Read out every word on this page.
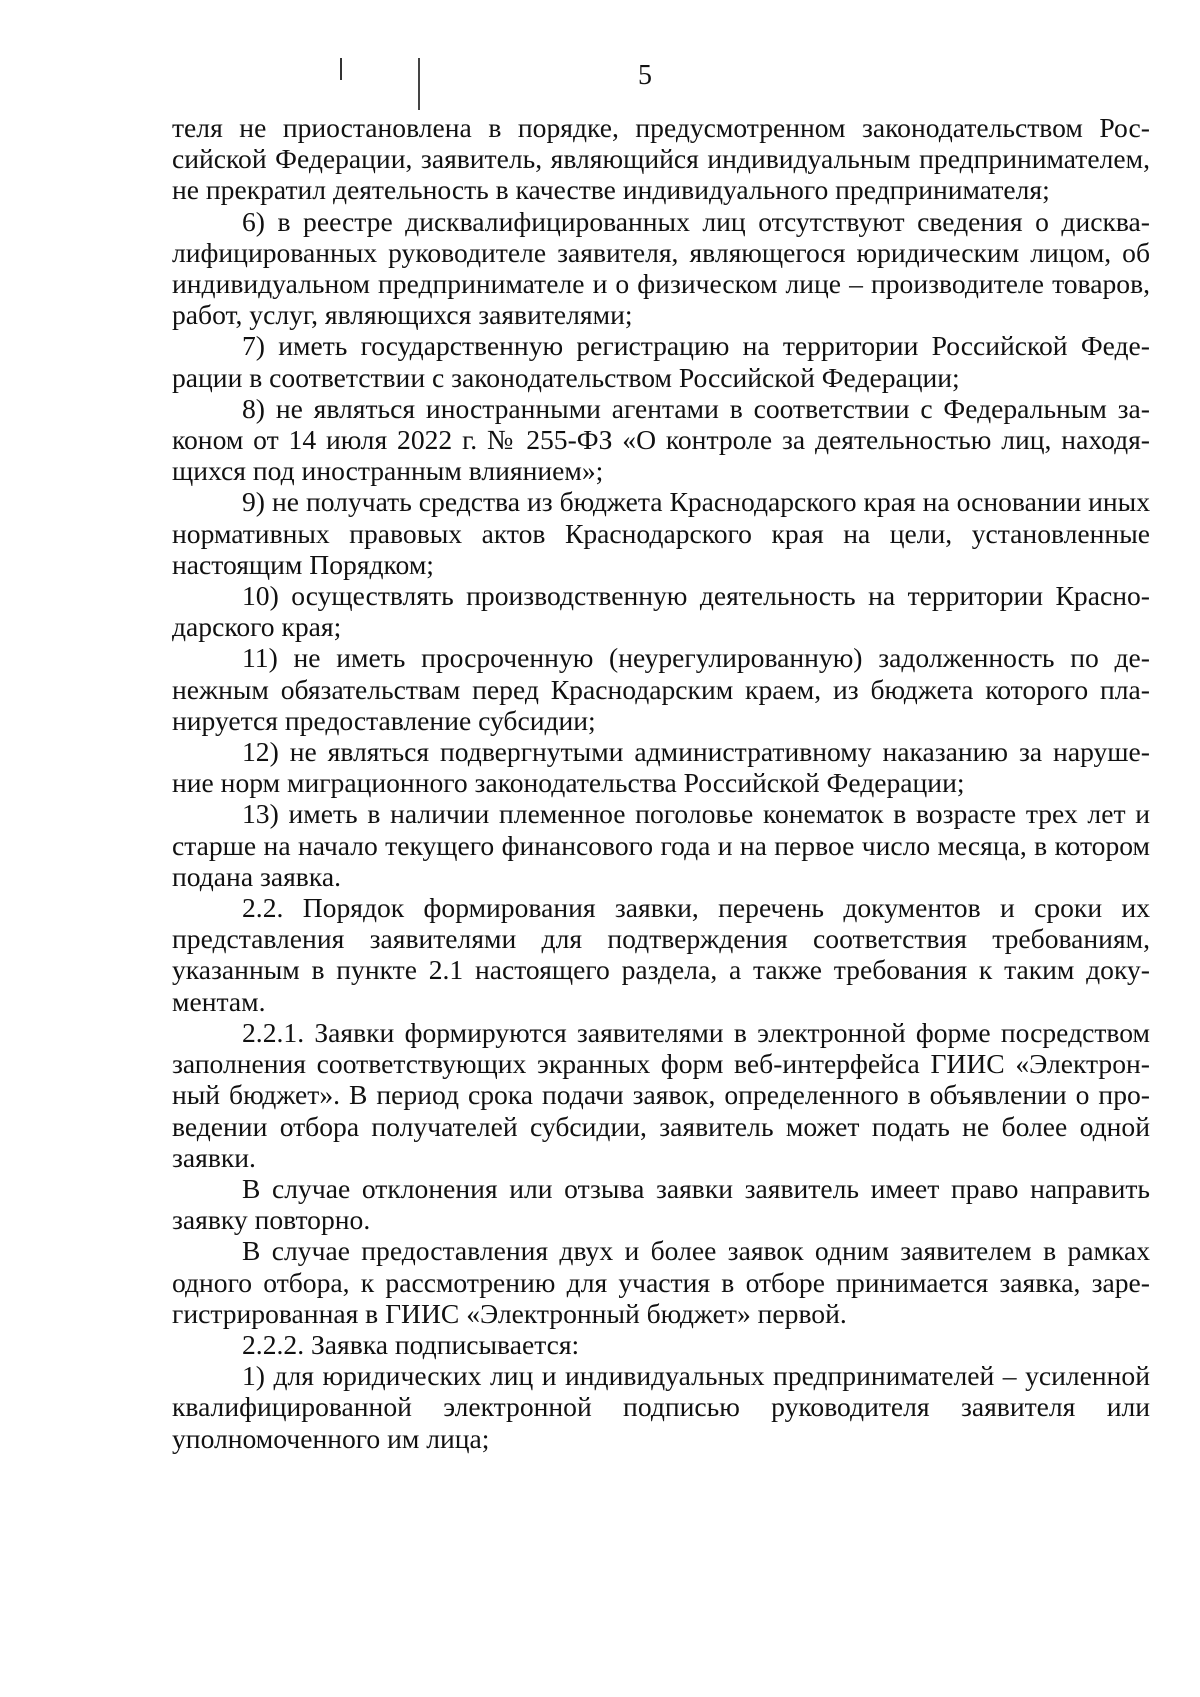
5

теля не приостановлена в порядке, предусмотренном законодательством Российской Федерации, заявитель, являющийся индивидуальным предпринимателем, не прекратил деятельность в качестве индивидуального предпринимателя;

6) в реестре дисквалифицированных лиц отсутствуют сведения о дисквалифицированных руководителе заявителя, являющегося юридическим лицом, об индивидуальном предпринимателе и о физическом лице – производителе товаров, работ, услуг, являющихся заявителями;

7) иметь государственную регистрацию на территории Российской Федерации в соответствии с законодательством Российской Федерации;

8) не являться иностранными агентами в соответствии с Федеральным законом от 14 июля 2022 г. № 255-ФЗ «О контроле за деятельностью лиц, находящихся под иностранным влиянием»;

9) не получать средства из бюджета Краснодарского края на основании иных нормативных правовых актов Краснодарского края на цели, установленные настоящим Порядком;

10) осуществлять производственную деятельность на территории Краснодарского края;

11) не иметь просроченную (неурегулированную) задолженность по денежным обязательствам перед Краснодарским краем, из бюджета которого планируется предоставление субсидии;

12) не являться подвергнутыми административному наказанию за нарушение норм миграционного законодательства Российской Федерации;

13) иметь в наличии племенное поголовье конематок в возрасте трех лет и старше на начало текущего финансового года и на первое число месяца, в котором подана заявка.

2.2. Порядок формирования заявки, перечень документов и сроки их представления заявителями для подтверждения соответствия требованиям, указанным в пункте 2.1 настоящего раздела, а также требования к таким документам.

2.2.1. Заявки формируются заявителями в электронной форме посредством заполнения соответствующих экранных форм веб-интерфейса ГИИС «Электронный бюджет». В период срока подачи заявок, определенного в объявлении о проведении отбора получателей субсидии, заявитель может подать не более одной заявки.

В случае отклонения или отзыва заявки заявитель имеет право направить заявку повторно.

В случае предоставления двух и более заявок одним заявителем в рамках одного отбора, к рассмотрению для участия в отборе принимается заявка, зарегистрированная в ГИИС «Электронный бюджет» первой.

2.2.2. Заявка подписывается:

1) для юридических лиц и индивидуальных предпринимателей – усиленной квалифицированной электронной подписью руководителя заявителя или уполномоченного им лица;
